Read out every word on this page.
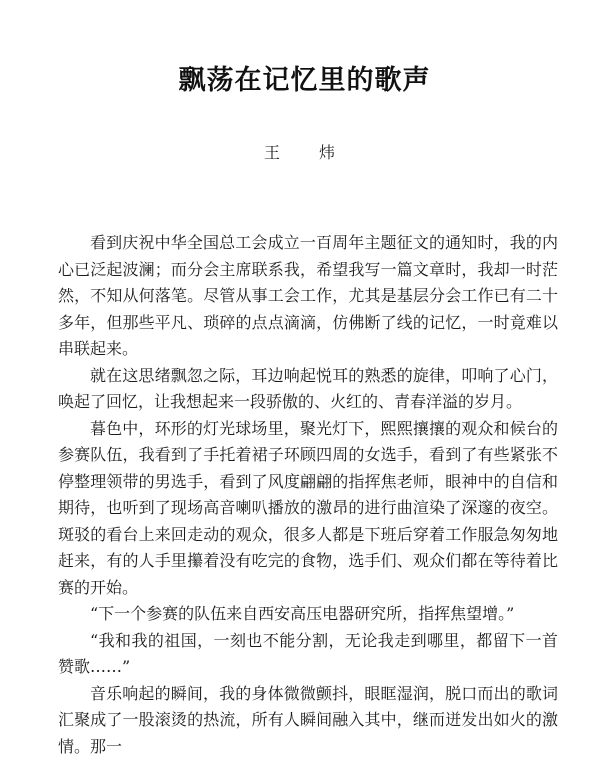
飘荡在记忆里的歌声
王 炜

看到庆祝中华全国总工会成立一百周年主题征文的通知时，我的内心已泛起波澜；而分会主席联系我，希望我写一篇文章时，我却一时茫然，不知从何落笔。尽管从事工会工作，尤其是基层分会工作已有二十多年，但那些平凡、琐碎的点点滴滴，仿佛断了线的记忆，一时竟难以串联起来。

就在这思绪飘忽之际，耳边响起悦耳的熟悉的旋律，叩响了心门，唤起了回忆，让我想起来一段骄傲的、火红的、青春洋溢的岁月。

暮色中，环形的灯光球场里，聚光灯下，熙熙攘攘的观众和候台的参赛队伍，我看到了手托着裙子环顾四周的女选手，看到了有些紧张不停整理领带的男选手，看到了风度翩翩的指挥焦老师，眼神中的自信和期待，也听到了现场高音喇叭播放的激昂的进行曲渲染了深邃的夜空。斑驳的看台上来回走动的观众，很多人都是下班后穿着工作服急匆匆地赶来，有的人手里攥着没有吃完的食物，选手们、观众们都在等待着比赛的开始。

“下一个参赛的队伍来自西安高压电器研究所，指挥焦望增。”

“我和我的祖国，一刻也不能分割，无论我走到哪里，都留下一首赞歌……”

音乐响起的瞬间，我的身体微微颤抖，眼眶湿润，脱口而出的歌词汇聚成了一股滚烫的热流，所有人瞬间融入其中，继而迸发出如火的激情。那一
